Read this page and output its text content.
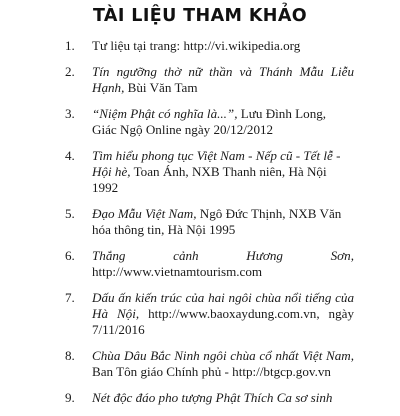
TÀI LIỆU THAM KHẢO
1. Tư liệu tại trang: http://vi.wikipedia.org
2. Tín ngưỡng thờ nữ thần và Thánh Mẫu Liễu Hạnh, Bùi Văn Tam
3. “Niệm Phật có nghĩa là...”, Lưu Đình Long, Giác Ngộ Online ngày 20/12/2012
4. Tìm hiểu phong tục Việt Nam - Nếp cũ - Tết lễ - Hội hè, Toan Ánh, NXB Thanh niên, Hà Nội 1992
5. Đạo Mẫu Việt Nam, Ngô Đức Thịnh, NXB Văn hóa thông tin, Hà Nội 1995
6. Thắng cảnh Hương Sơn, http://www.vietnamtourism.com
7. Dấu ấn kiến trúc của hai ngôi chùa nổi tiếng của Hà Nội, http://www.baoxaydung.com.vn, ngày 7/11/2016
8. Chùa Dâu Bắc Ninh ngôi chùa cổ nhất Việt Nam, Ban Tôn giáo Chính phủ - http://btgcp.gov.vn
9. Nét độc đáo pho tượng Phật Thích Ca sơ sinh
